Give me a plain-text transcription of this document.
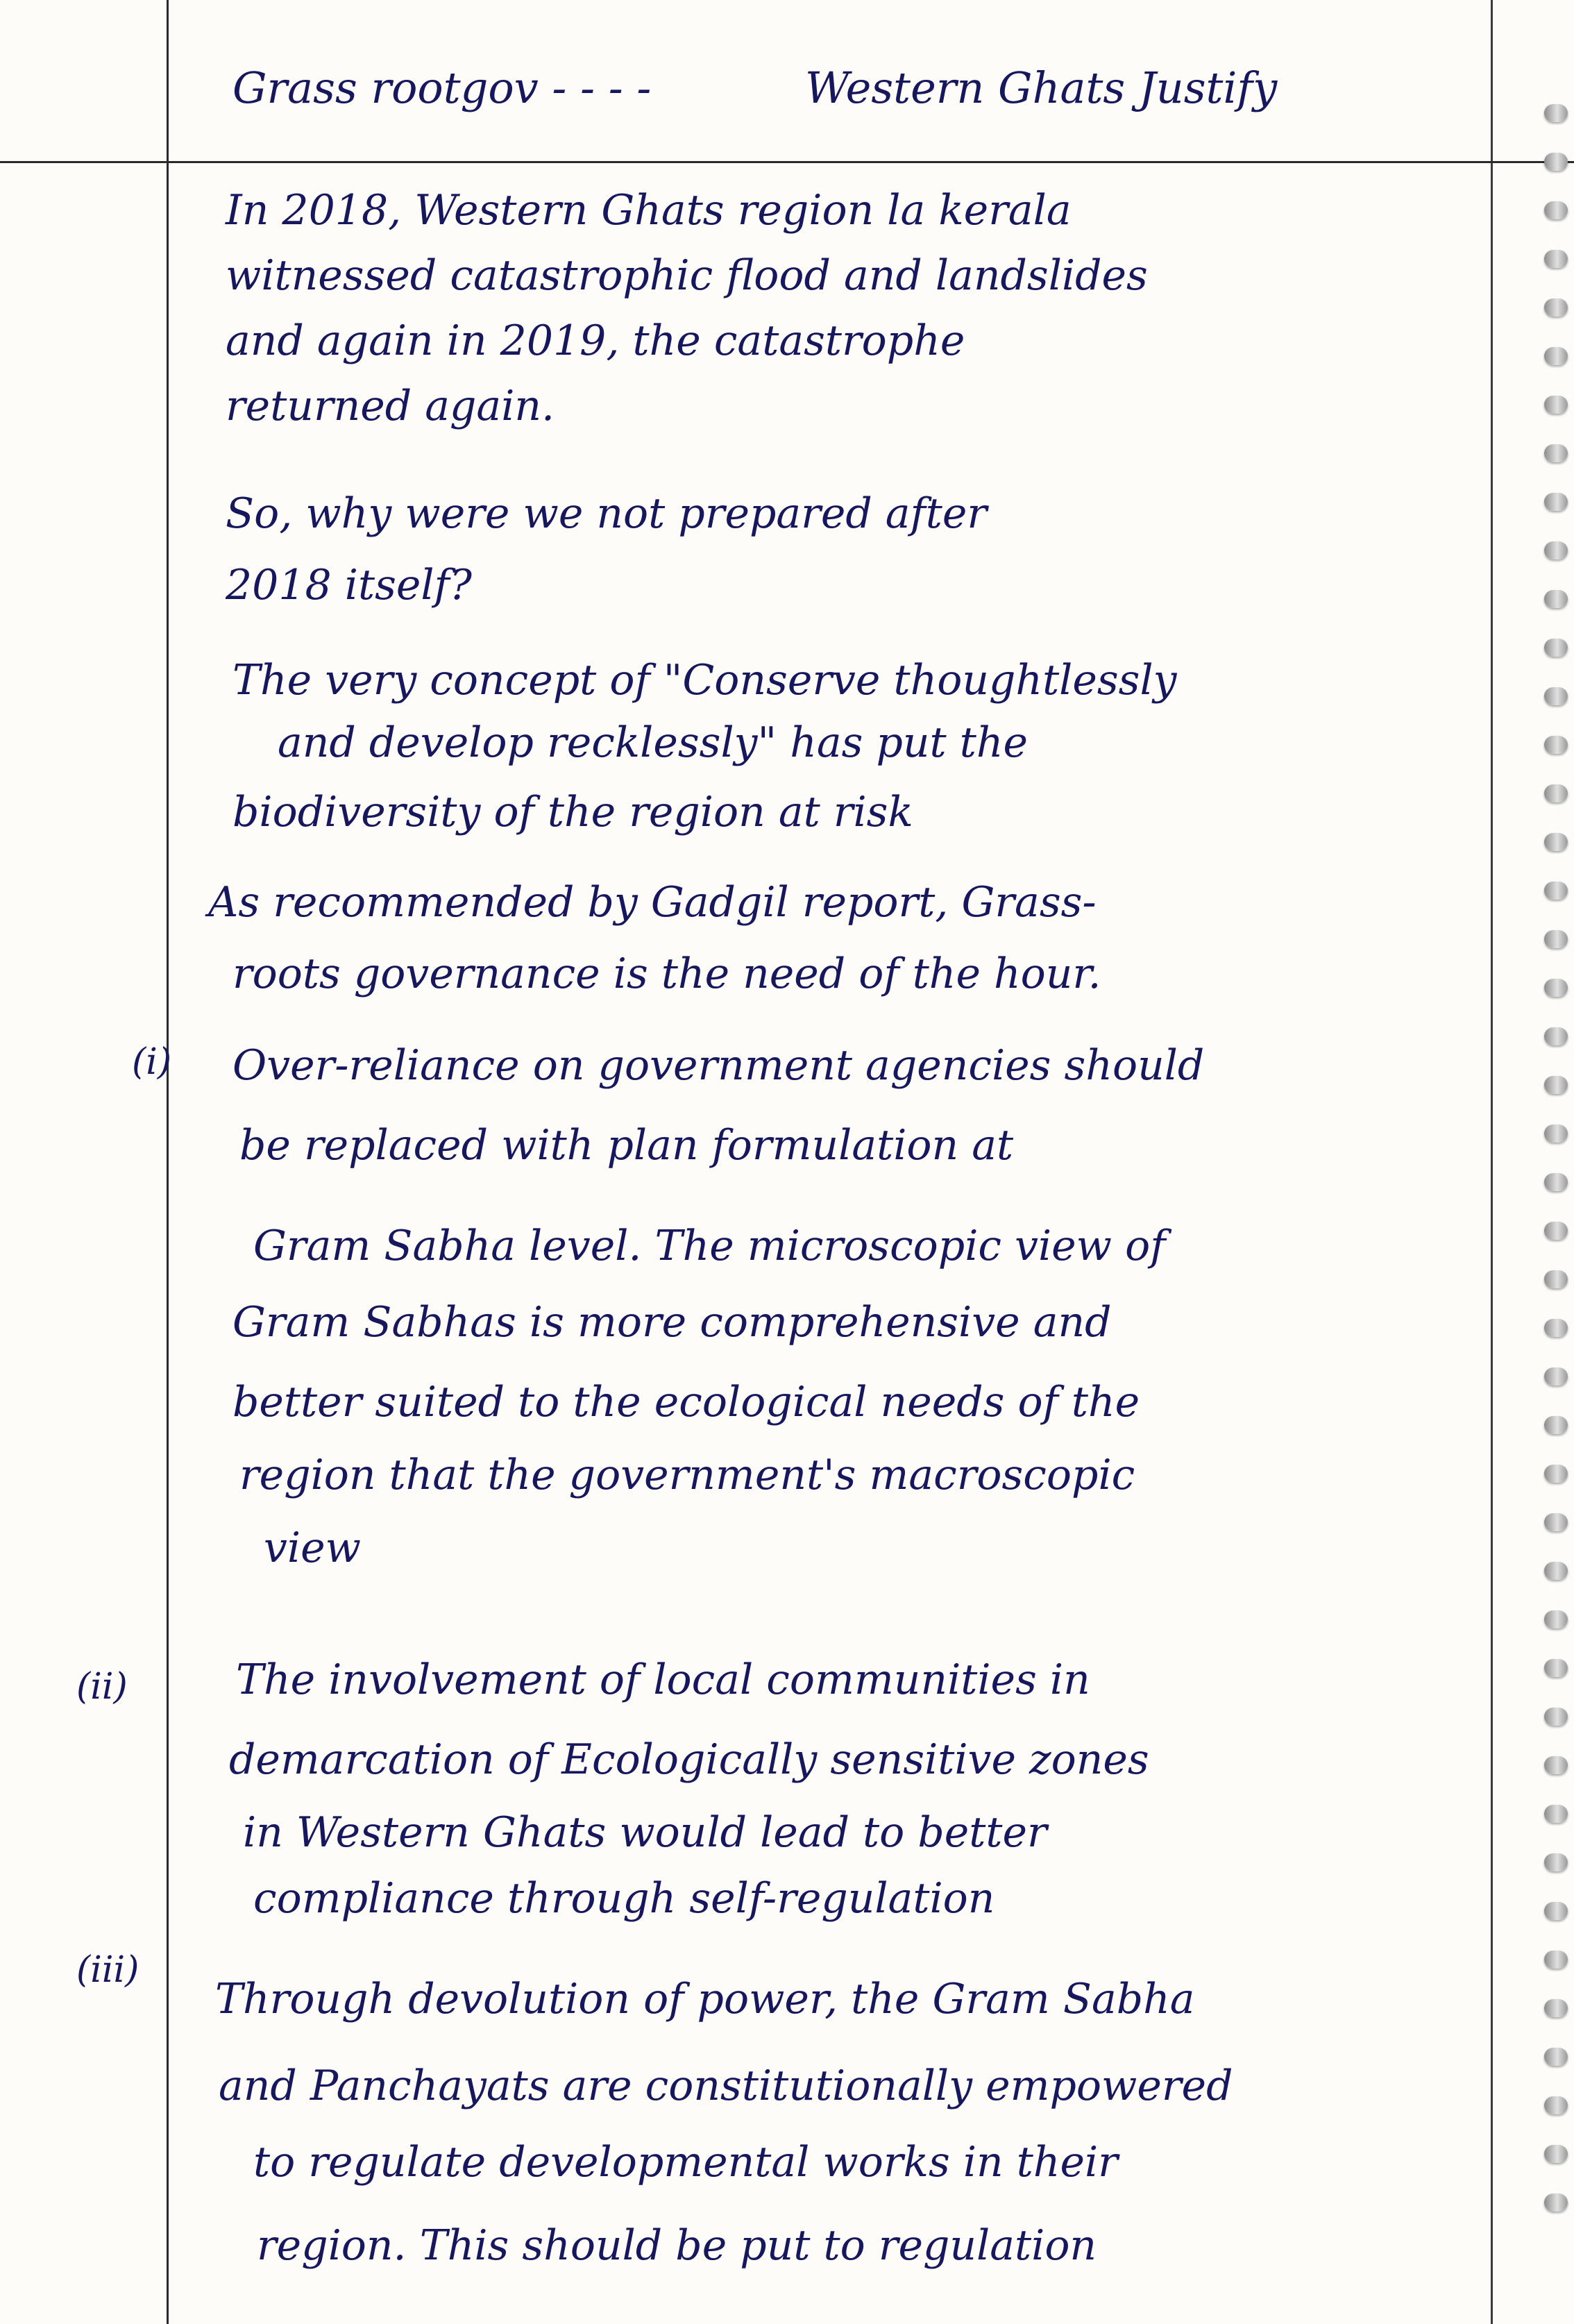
Grass rootgov - - - -	Western Ghats Justify

In 2018, Western Ghats region la kerala

witnessed catastrophic flood and landslides

and again in 2019, the catastrophe

returned again.

So, why were we not prepared after

2018 itself?

The very concept of "Conserve thoughtlessly

and develop recklessly" has put the

biodiversity of the region at risk

As recommended by Gadgil report, Grass-

roots governance is the need of the hour.

(i) Over-reliance on government agencies should

be replaced with plan formulation at

Gram Sabha level. The microscopic view of

Gram Sabhas is more comprehensive and

better suited to the ecological needs of the

region that the government's macroscopic

view

(ii)	The involvement of local communities in

demarcation of Ecologically sensitive zones

in Western Ghats would lead to better

compliance through self-regulation

(iii)

Through devolution of power, the Gram Sabha

and Panchayats are constitutionally empowered

to regulate developmental works in their

region. This should be put to regulation
